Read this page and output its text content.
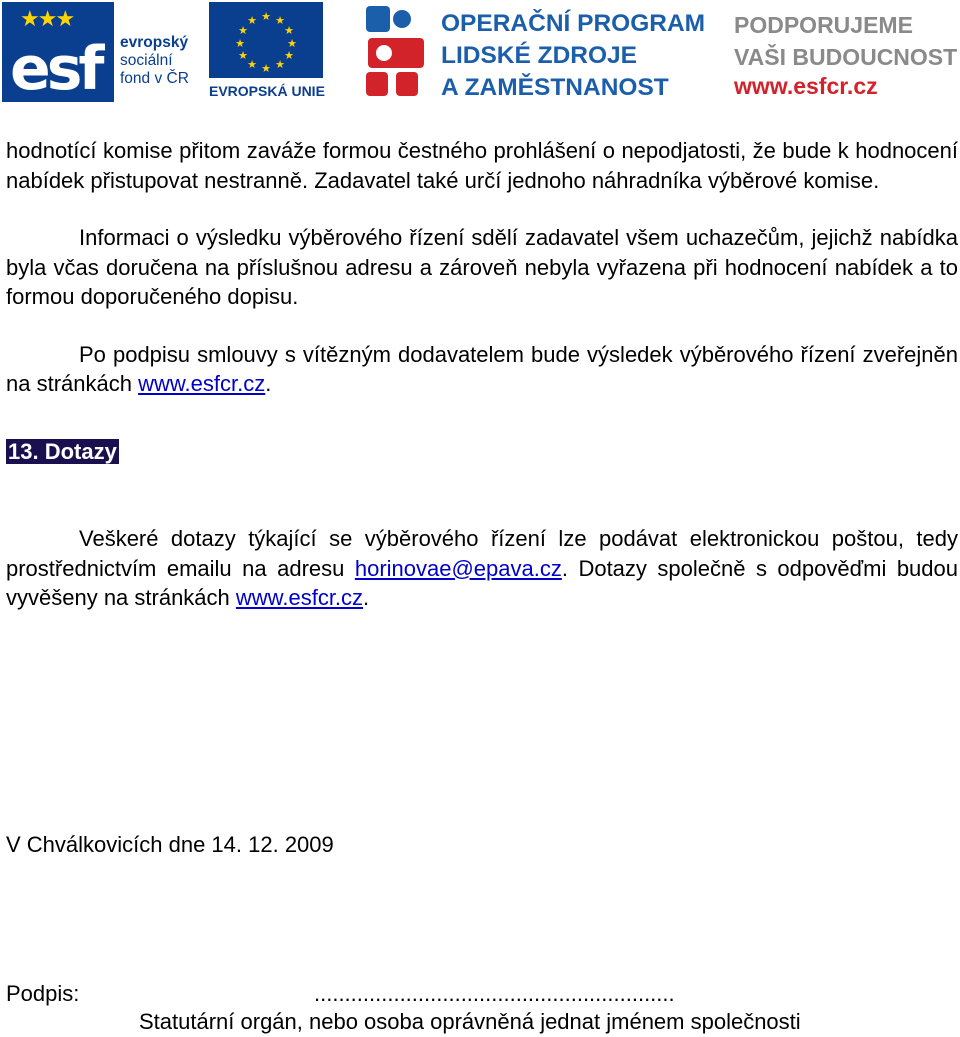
★★★
esf evropský
sociální
fond v ČR
★ ★
★
★
★
★
★
★
★
★
★
★
EVROPSKÁ UNIE
OPERAČNÍ PROGRAM
LIDSKÉ ZDROJE
A ZAMĚSTNANOST
PODPORUJEME
VAŠI BUDOUCNOST
www.esfcr.cz

hodnotící komise přitom zaváže formou čestného prohlášení o nepodjatosti, že bude k hodnocení nabídek přistupovat nestranně. Zadavatel také určí jednoho náhradníka výběrové komise.

Informaci o výsledku výběrového řízení sdělí zadavatel všem uchazečům, jejichž nabídka byla včas doručena na příslušnou adresu a zároveň nebyla vyřazena při hodnocení nabídek a to formou doporučeného dopisu.

Po podpisu smlouvy s vítězným dodavatelem bude výsledek výběrového řízení zveřejněn na stránkách www.esfcr.cz.

13. Dotazy

Veškeré dotazy týkající se výběrového řízení lze podávat elektronickou poštou, tedy prostřednictvím emailu na adresu horinovae@epava.cz. Dotazy společně s odpověďmi budou vyvěšeny na stránkách www.esfcr.cz.

V Chválkovicích dne 14. 12. 2009
Podpis:	...........................................................
Statutární orgán, nebo osoba oprávněná jednat jménem společnosti
